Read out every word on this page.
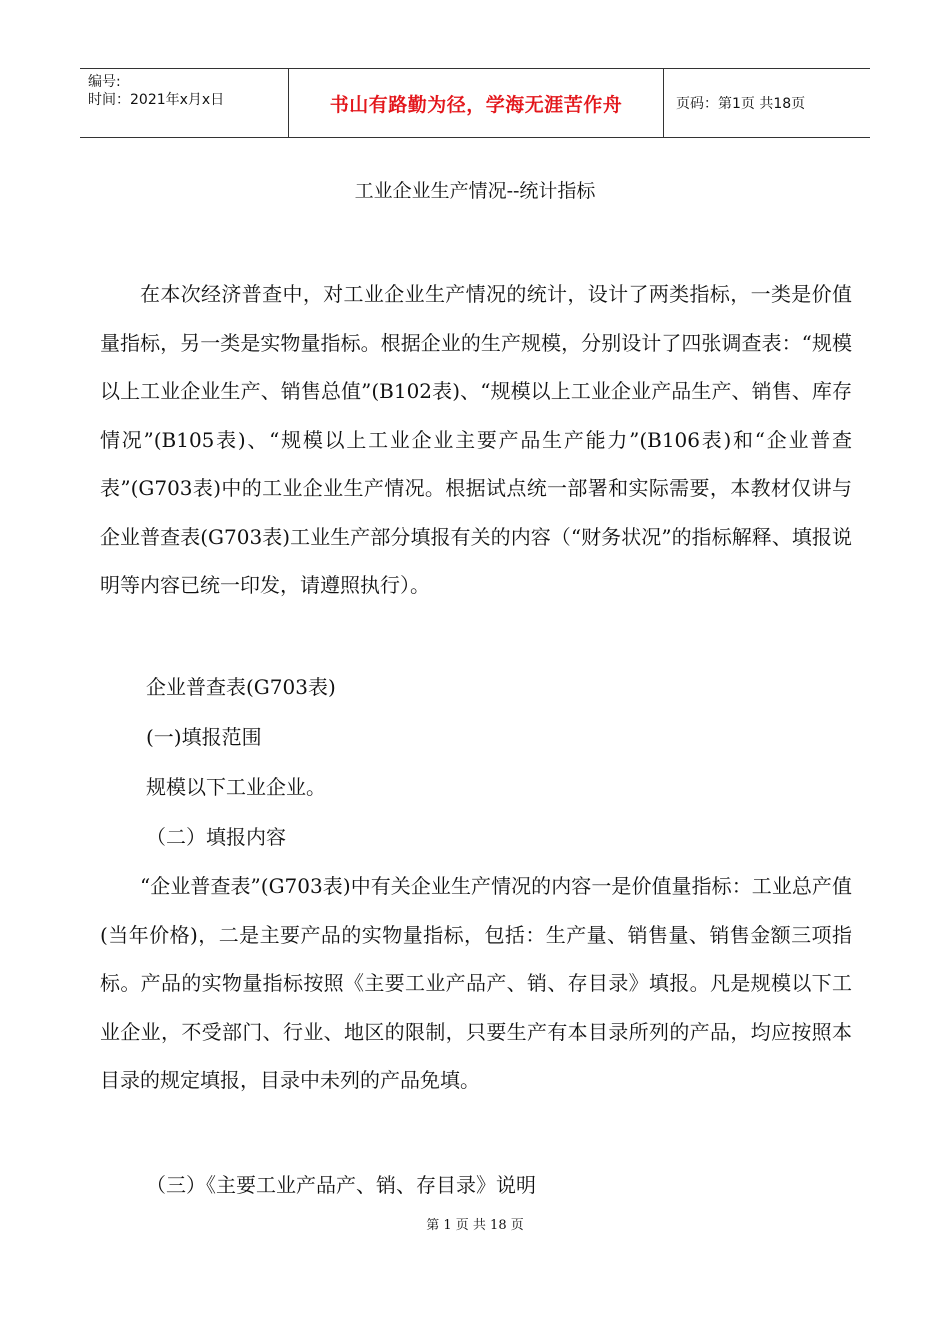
编号:
时间：2021年x月x日	书山有路勤为径，学海无涯苦作舟	页码：第1页 共18页
工业企业生产情况--统计指标

在本次经济普查中，对工业企业生产情况的统计，设计了两类指标，一类是价值量指标，另一类是实物量指标。根据企业的生产规模，分别设计了四张调查表：“规模以上工业企业生产、销售总值”(B102表)、“规模以上工业企业产品生产、销售、库存情况”(B105表)、“规模以上工业企业主要产品生产能力”(B106表)和“企业普查表”(G703表)中的工业企业生产情况。根据试点统一部署和实际需要，本教材仅讲与企业普查表(G703表)工业生产部分填报有关的内容（“财务状况”的指标解释、填报说明等内容已统一印发，请遵照执行）。

企业普查表(G703表)

(一)填报范围

规模以下工业企业。

（二）填报内容

“企业普查表”(G703表)中有关企业生产情况的内容一是价值量指标：工业总产值(当年价格)，二是主要产品的实物量指标，包括：生产量、销售量、销售金额三项指标。产品的实物量指标按照《主要工业产品产、销、存目录》填报。凡是规模以下工业企业，不受部门、行业、地区的限制，只要生产有本目录所列的产品，均应按照本目录的规定填报，目录中未列的产品免填。

（三）《主要工业产品产、销、存目录》说明

第 1 页 共 18 页
